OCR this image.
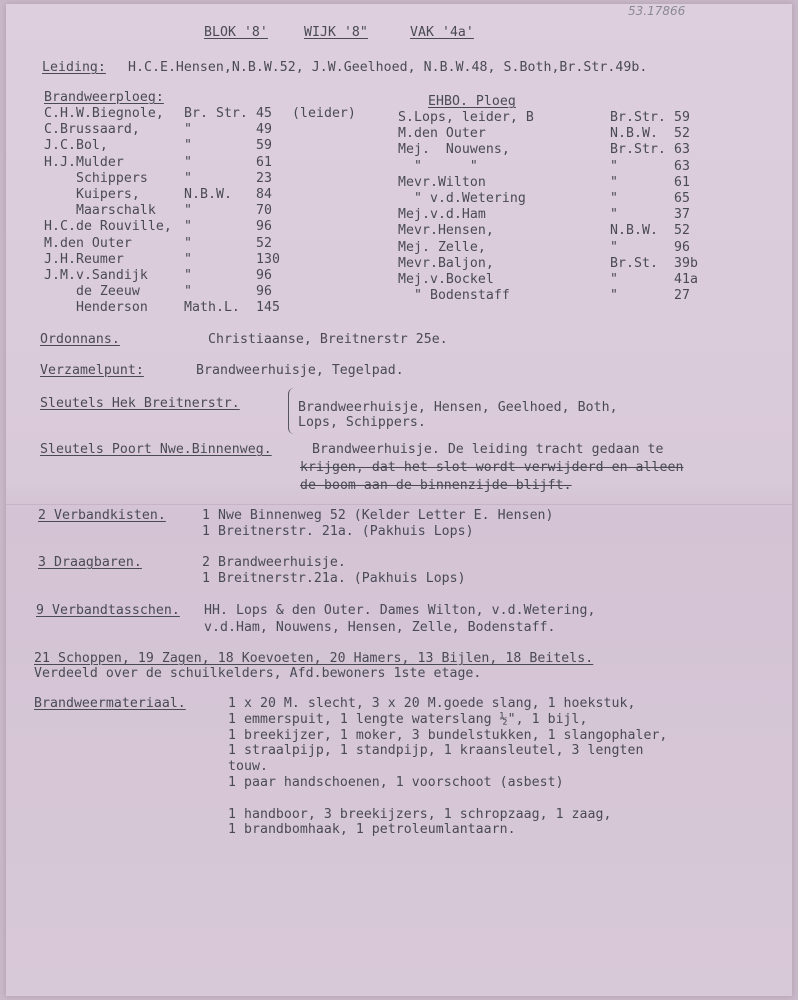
53.17866
BLOK '8'	WIJK '8"	VAK '4a'
Leiding: H.C.E.Hensen,N.B.W.52, J.W.Geelhoed, N.B.W.48, S.Both,Br.Str.49b.
Brandweerploeg:
C.H.W.Biegnole, Br. Str. 45 (leider)
C.Brussaard,	"	49
J.C.Bol,	"	59
H.J.Mulder	"	61
Schippers	"	23
Kuipers,	N.B.W. 84
Maarschalk "	70
H.C.de Rouville, "	96
M.den Outer	"	52
J.H.Reumer	"	130
J.M.v.Sandijk	"	96
de Zeeuw	"	96
Henderson	Math.L. 145
EHBO. Ploeg
S.Lops, leider, B	Br.Str. 59
M.den Outer	N.B.W. 52
Mej.  Nouwens,	Br.Str. 63
"      "	"	63
Mevr.Wilton	"	61
" v.d.Wetering	"	65
Mej.v.d.Ham	"	37
Mevr.Hensen,	N.B.W. 52
Mej. Zelle,	"	96
Mevr.Baljon,	Br.St. 39b
Mej.v.Bockel	"	41a
" Bodenstaff	"	27
Ordonnans.	Christiaanse, Breitnerstr 25e.
Verzamelpunt:	Brandweerhuisje, Tegelpad.
Sleutels Hek Breitnerstr.	Brandweerhuisje, Hensen, Geelhoed, Both,
Lops, Schippers.
Sleutels Poort Nwe.Binnenweg.	Brandweerhuisje. De leiding tracht gedaan te
krijgen, dat het slot wordt verwijderd en alleen
de boom aan de binnenzijde blijft.
2 Verbandkisten.	1 Nwe Binnenweg 52 (Kelder Letter E. Hensen)
1 Breitnerstr. 21a. (Pakhuis Lops)
3 Draagbaren.	2 Brandweerhuisje.
1 Breitnerstr.21a. (Pakhuis Lops)
9 Verbandtasschen. HH. Lops & den Outer. Dames Wilton, v.d.Wetering,
v.d.Ham, Nouwens, Hensen, Zelle, Bodenstaff.
21 Schoppen, 19 Zagen, 18 Koevoeten, 20 Hamers, 13 Bijlen, 18 Beitels.
Verdeeld over de schuilkelders, Afd.bewoners 1ste etage.
Brandweermateriaal.	1 x 20 M. slecht, 3 x 20 M.goede slang, 1 hoekstuk,
1 emmerspuit, 1 lengte waterslang ½", 1 bijl,
1 breekijzer, 1 moker, 3 bundelstukken, 1 slangophaler,
1 straalpijp, 1 standpijp, 1 kraansleutel, 3 lengten
touw.
1 paar handschoenen, 1 voorschoot (asbest)
1 handboor, 3 breekijzers, 1 schropzaag, 1 zaag,
1 brandbomhaak, 1 petroleumlantaarn.
